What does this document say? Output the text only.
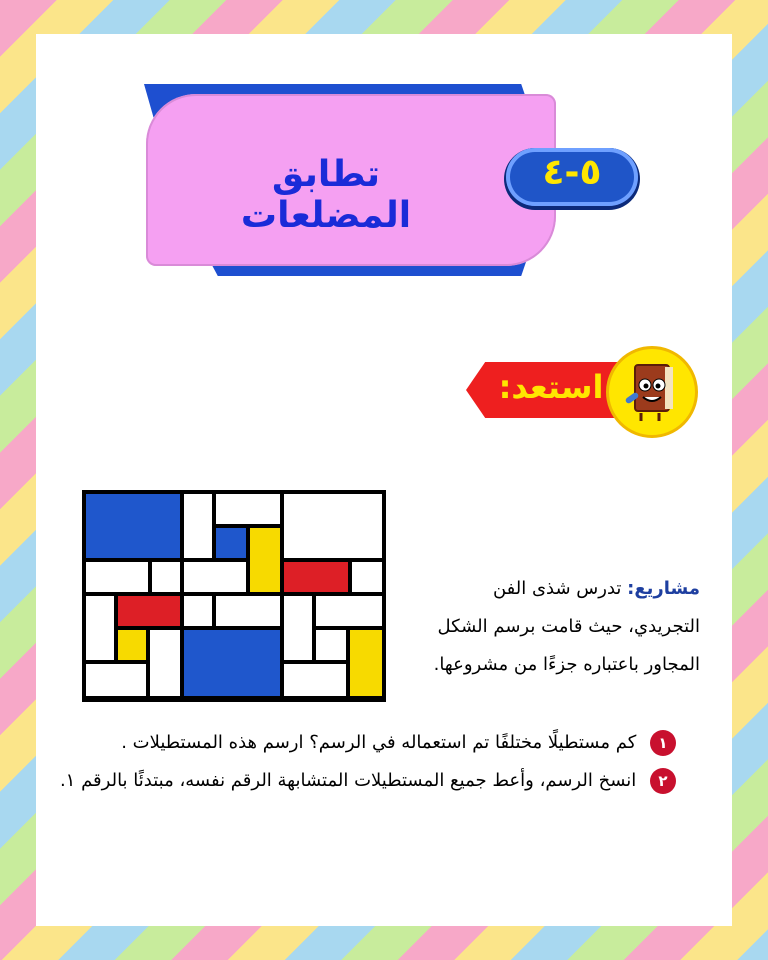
تطابق المضلعات
٥-٤
استعد:
مشاريع: تدرس شذى الفن التجريدي، حيث قامت برسم الشكل المجاور باعتباره جزءًا من مشروعها.
١ كم مستطيلًا مختلفًا تم استعماله في الرسم؟ ارسم هذه المستطيلات .
٢ انسخ الرسم، وأعط جميع المستطيلات المتشابهة الرقم نفسه، مبتدئًا بالرقم ١.
